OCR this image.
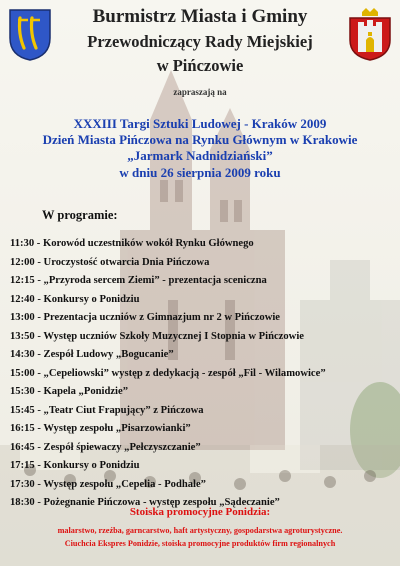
Burmistrz Miasta i Gminy
Przewodniczący Rady Miejskiej
w Pińczowie
zapraszają na
XXXIII Targi Sztuki Ludowej - Kraków 2009
Dzień Miasta Pińczowa na Rynku Głównym w Krakowie
„Jarmark Nadnidziański”
w dniu 26 sierpnia 2009 roku
W programie:
11:30 - Korowód uczestników wokół Rynku Głównego
12:00 - Uroczystość otwarcia Dnia Pińczowa
12:15 - „Przyroda sercem Ziemi” - prezentacja sceniczna
12:40 - Konkursy o Ponidziu
13:00 - Prezentacja uczniów z Gimnazjum nr 2 w Pińczowie
13:50 - Występ uczniów Szkoły Muzycznej I Stopnia w Pińczowie
14:30 - Zespół Ludowy „Bogucanie”
15:00 - „Cepeliowski” występ z dedykacją - zespół „Fil - Wilamowice”
15:30 - Kapela „Ponidzie”
15:45 - „Teatr Ciut Frapujący” z Pińczowa
16:15 - Występ zespołu „Pisarzowianki”
16:45 - Zespół śpiewaczy „Pełczyszczanie”
17:15 - Konkursy o Ponidziu
17:30 - Występ zespołu „Cepelia - Podhale”
18:30 - Pożegnanie Pińczowa - występ zespołu „Sądeczanie”
Stoiska promocyjne Ponidzia:
malarstwo, rzeźba, garncarstwo, haft artystyczny, gospodarstwa agroturystyczne.
Ciuchcia Ekspres Ponidzie, stoiska promocyjne produktów firm regionalnych
